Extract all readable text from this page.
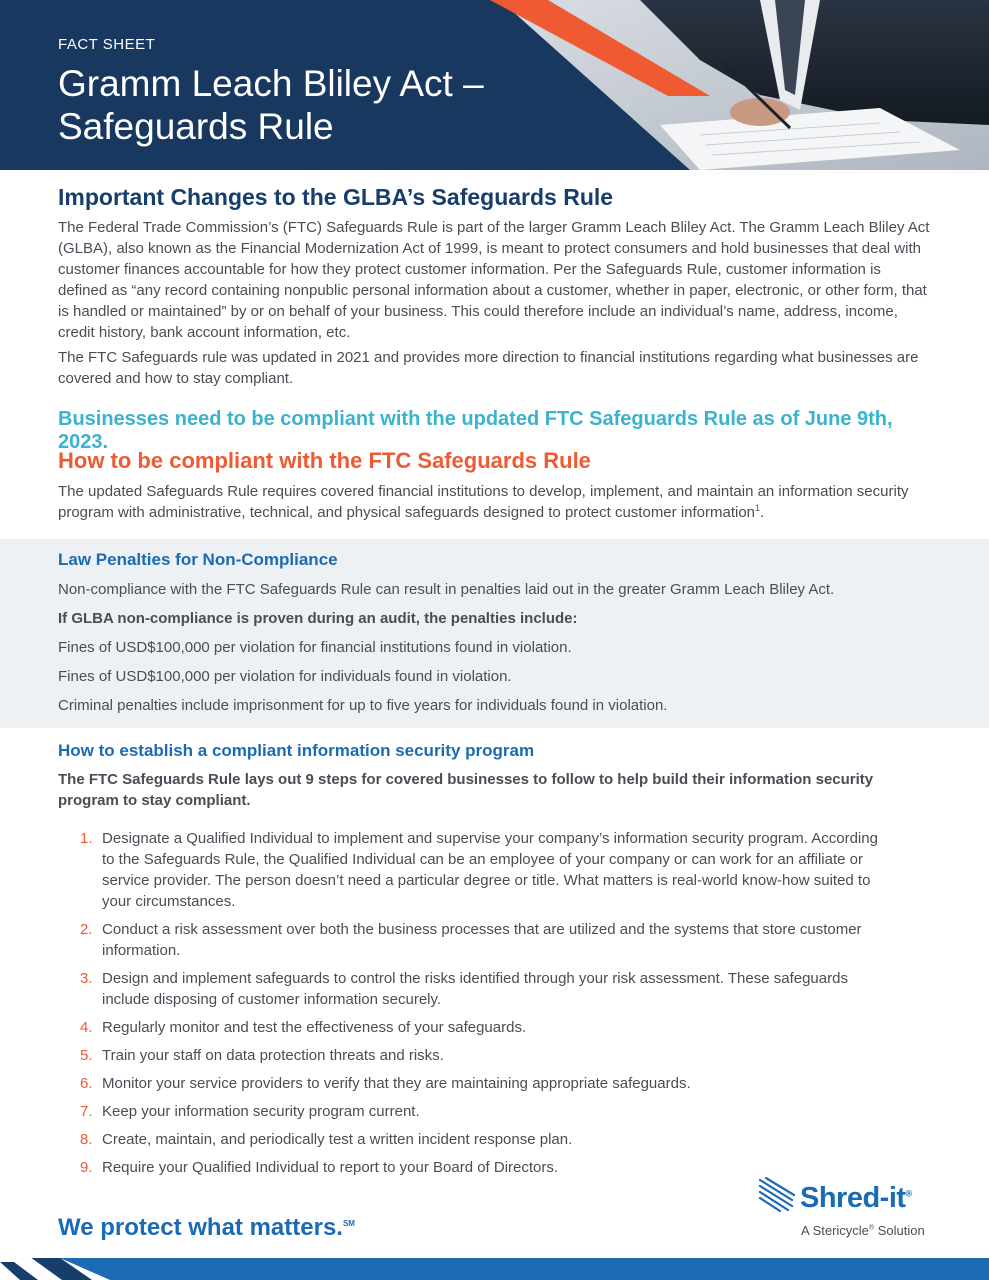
FACT SHEET
Gramm Leach Bliley Act –
Safeguards Rule
Important Changes to the GLBA’s Safeguards Rule

The Federal Trade Commission’s (FTC) Safeguards Rule is part of the larger Gramm Leach Bliley Act. The Gramm Leach Bliley Act (GLBA), also known as the Financial Modernization Act of 1999, is meant to protect consumers and hold businesses that deal with customer finances accountable for how they protect customer information. Per the Safeguards Rule, customer information is defined as “any record containing nonpublic personal information about a customer, whether in paper, electronic, or other form, that is handled or maintained” by or on behalf of your business. This could therefore include an individual’s name, address, income, credit history, bank account information, etc.

The FTC Safeguards rule was updated in 2021 and provides more direction to financial institutions regarding what businesses are covered and how to stay compliant.

Businesses need to be compliant with the updated FTC Safeguards Rule as of June 9th, 2023.
How to be compliant with the FTC Safeguards Rule

The updated Safeguards Rule requires covered financial institutions to develop, implement, and maintain an information security program with administrative, technical, and physical safeguards designed to protect customer information$^1$.

Law Penalties for Non-Compliance

Non-compliance with the FTC Safeguards Rule can result in penalties laid out in the greater Gramm Leach Bliley Act.

If GLBA non-compliance is proven during an audit, the penalties include:

Fines of USD$100,000 per violation for financial institutions found in violation.

Fines of USD$100,000 per violation for individuals found in violation.

Criminal penalties include imprisonment for up to five years for individuals found in violation.

How to establish a compliant information security program

The FTC Safeguards Rule lays out 9 steps for covered businesses to follow to help build their information security program to stay compliant.

1. Designate a Qualified Individual to implement and supervise your company’s information security program. According to the Safeguards Rule, the Qualified Individual can be an employee of your company or can work for an affiliate or service provider. The person doesn’t need a particular degree or title. What matters is real-world know-how suited to your circumstances.
2. Conduct a risk assessment over both the business processes that are utilized and the systems that store customer information.
3. Design and implement safeguards to control the risks identified through your risk assessment. These safeguards include disposing of customer information securely.
4. Regularly monitor and test the effectiveness of your safeguards.
5. Train your staff on data protection threats and risks.
6. Monitor your service providers to verify that they are maintaining appropriate safeguards.
7. Keep your information security program current.
8. Create, maintain, and periodically test a written incident response plan.
9. Require your Qualified Individual to report to your Board of Directors.
We protect what matters.℠
Shred-it®
A Stericycle® Solution
